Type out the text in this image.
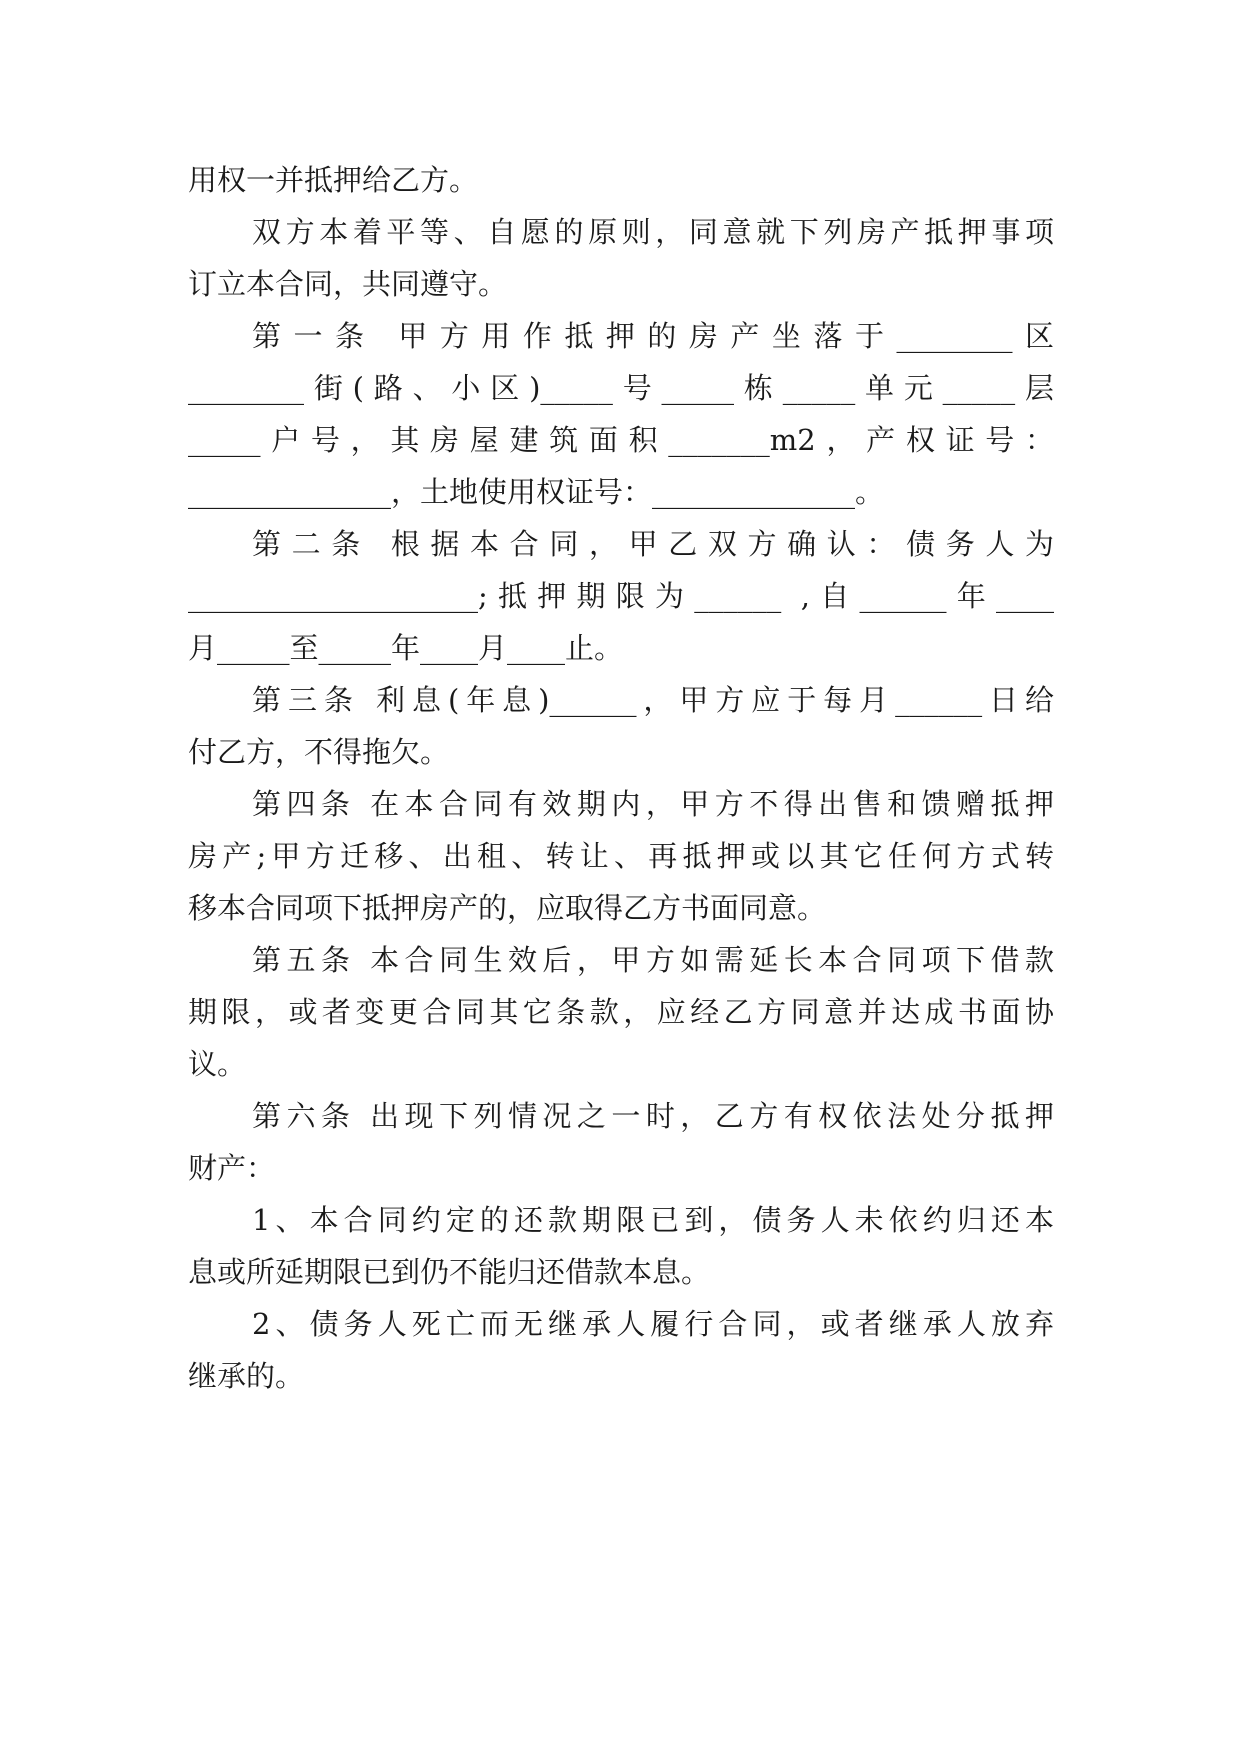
用权一并抵押给乙方。
双方本着平等、自愿的原则，同意就下列房产抵押事项
订立本合同，共同遵守。
第一条 甲方用作抵押的房产坐落于________区
________街(路、小区)_____号_____栋_____单元_____层
_____户号，其房屋建筑面积_______m2，产权证号：
______________，土地使用权证号：______________。
第二条 根据本合同，甲乙双方确认：债务人为
____________________;抵押期限为______ ,自______年____
月_____至_____年____月____止。
第三条 利息(年息)______，甲方应于每月______日给
付乙方，不得拖欠。
第四条 在本合同有效期内，甲方不得出售和馈赠抵押
房产;甲方迁移、出租、转让、再抵押或以其它任何方式转
移本合同项下抵押房产的，应取得乙方书面同意。
第五条 本合同生效后，甲方如需延长本合同项下借款
期限，或者变更合同其它条款，应经乙方同意并达成书面协
议。
第六条 出现下列情况之一时，乙方有权依法处分抵押
财产：
1、本合同约定的还款期限已到，债务人未依约归还本
息或所延期限已到仍不能归还借款本息。
2、债务人死亡而无继承人履行合同，或者继承人放弃
继承的。
